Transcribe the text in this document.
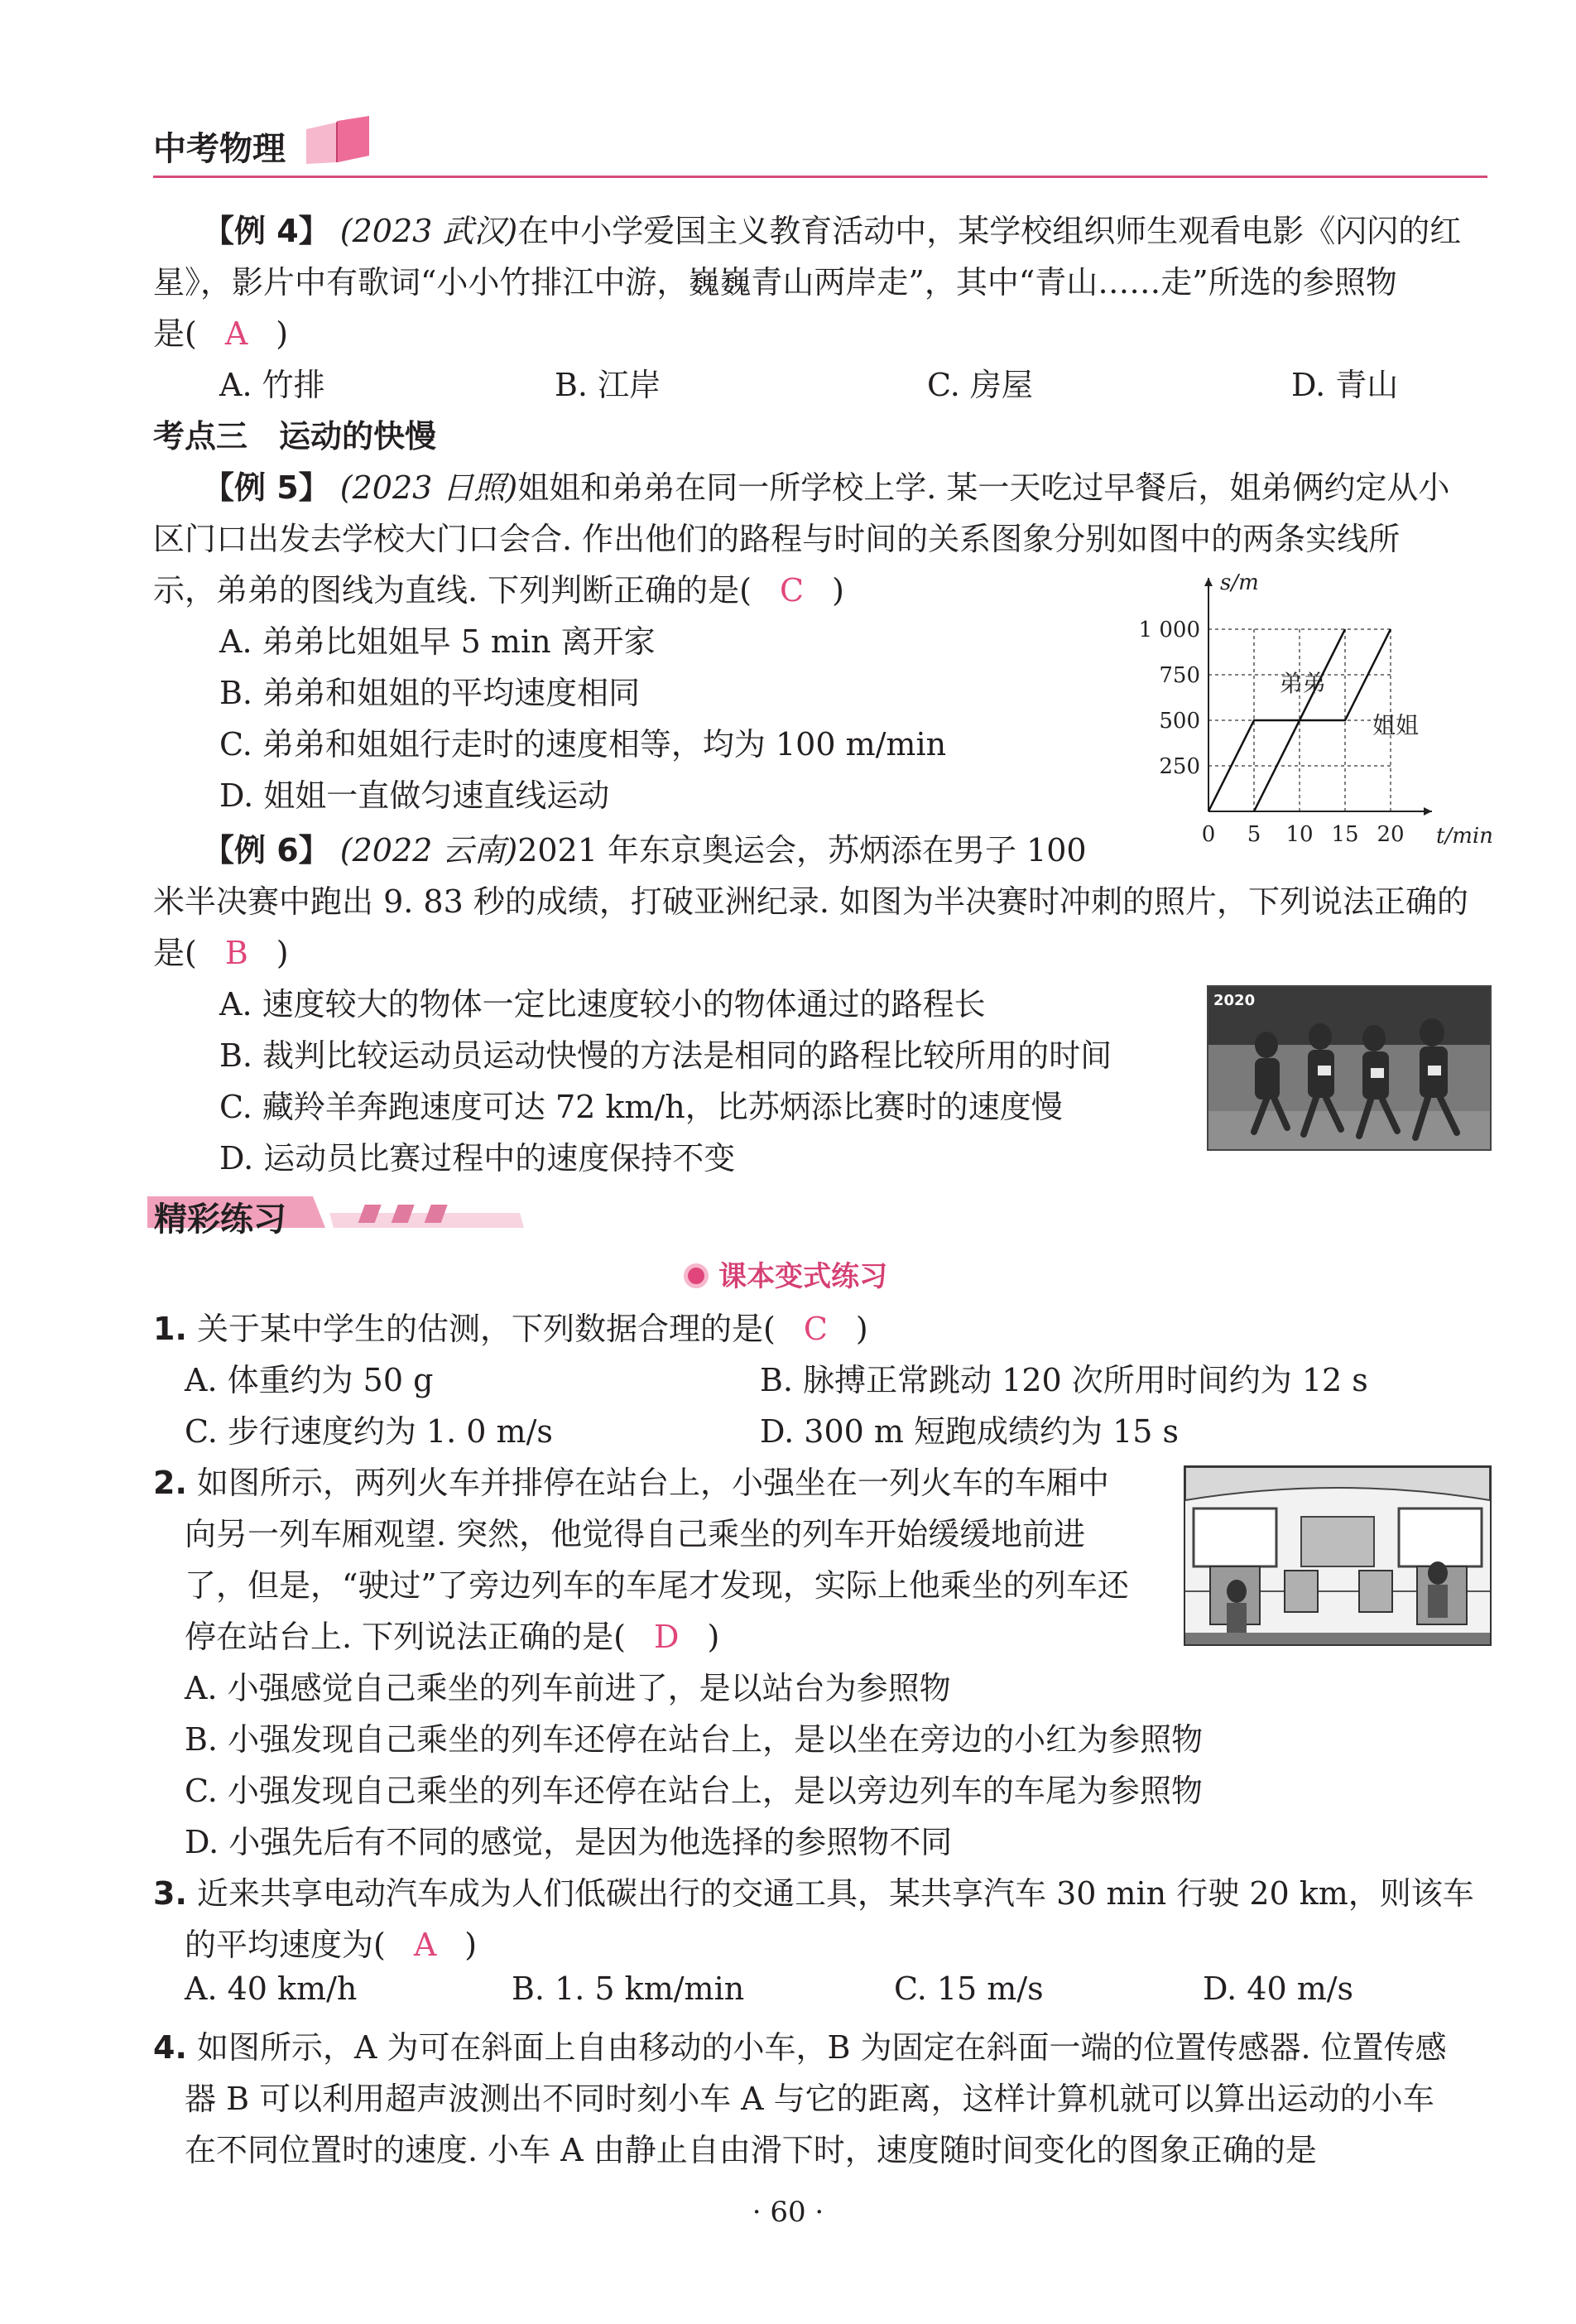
中考物理
【例 4】 (2023 武汉)在中小学爱国主义教育活动中，某学校组织师生观看电影《闪闪的红
星》，影片中有歌词“小小竹排江中游，巍巍青山两岸走”，其中“青山……走”所选的参照物
是( A )
A. 竹排	B. 江岸	C. 房屋	D. 青山
考点三　运动的快慢
【例 5】 (2023 日照)姐姐和弟弟在同一所学校上学. 某一天吃过早餐后，姐弟俩约定从小
区门口出发去学校大门口会合. 作出他们的路程与时间的关系图象分别如图中的两条实线所
示，弟弟的图线为直线. 下列判断正确的是( C )
A. 弟弟比姐姐早 5 min 离开家
B. 弟弟和姐姐的平均速度相同
C. 弟弟和姐姐行走时的速度相等，均为 100 m/min
D. 姐姐一直做匀速直线运动
0 5 10 15 20
250
500
750
1 000
s/m
t/min
弟弟
姐姐
【例 6】 (2022 云南)2021 年东京奥运会，苏炳添在男子 100
米半决赛中跑出 9. 83 秒的成绩，打破亚洲纪录. 如图为半决赛时冲刺的照片，下列说法正确的
是( B )
A. 速度较大的物体一定比速度较小的物体通过的路程长
B. 裁判比较运动员运动快慢的方法是相同的路程比较所用的时间
C. 藏羚羊奔跑速度可达 72 km/h，比苏炳添比赛时的速度慢
D. 运动员比赛过程中的速度保持不变
2020
精彩练习
课本变式练习
1. 关于某中学生的估测，下列数据合理的是( C )
A. 体重约为 50 g	B. 脉搏正常跳动 120 次所用时间约为 12 s
C. 步行速度约为 1. 0 m/s	D. 300 m 短跑成绩约为 15 s
2. 如图所示，两列火车并排停在站台上，小强坐在一列火车的车厢中
向另一列车厢观望. 突然，他觉得自己乘坐的列车开始缓缓地前进
了，但是，“驶过”了旁边列车的车尾才发现，实际上他乘坐的列车还
停在站台上. 下列说法正确的是( D )
A. 小强感觉自己乘坐的列车前进了，是以站台为参照物
B. 小强发现自己乘坐的列车还停在站台上，是以坐在旁边的小红为参照物
C. 小强发现自己乘坐的列车还停在站台上，是以旁边列车的车尾为参照物
D. 小强先后有不同的感觉，是因为他选择的参照物不同
3. 近来共享电动汽车成为人们低碳出行的交通工具，某共享汽车 30 min 行驶 20 km，则该车
的平均速度为( A )
A. 40 km/h	B. 1. 5 km/min	C. 15 m/s	D. 40 m/s
4. 如图所示，A 为可在斜面上自由移动的小车，B 为固定在斜面一端的位置传感器. 位置传感
器 B 可以利用超声波测出不同时刻小车 A 与它的距离，这样计算机就可以算出运动的小车
在不同位置时的速度. 小车 A 由静止自由滑下时，速度随时间变化的图象正确的是
· 60 ·
